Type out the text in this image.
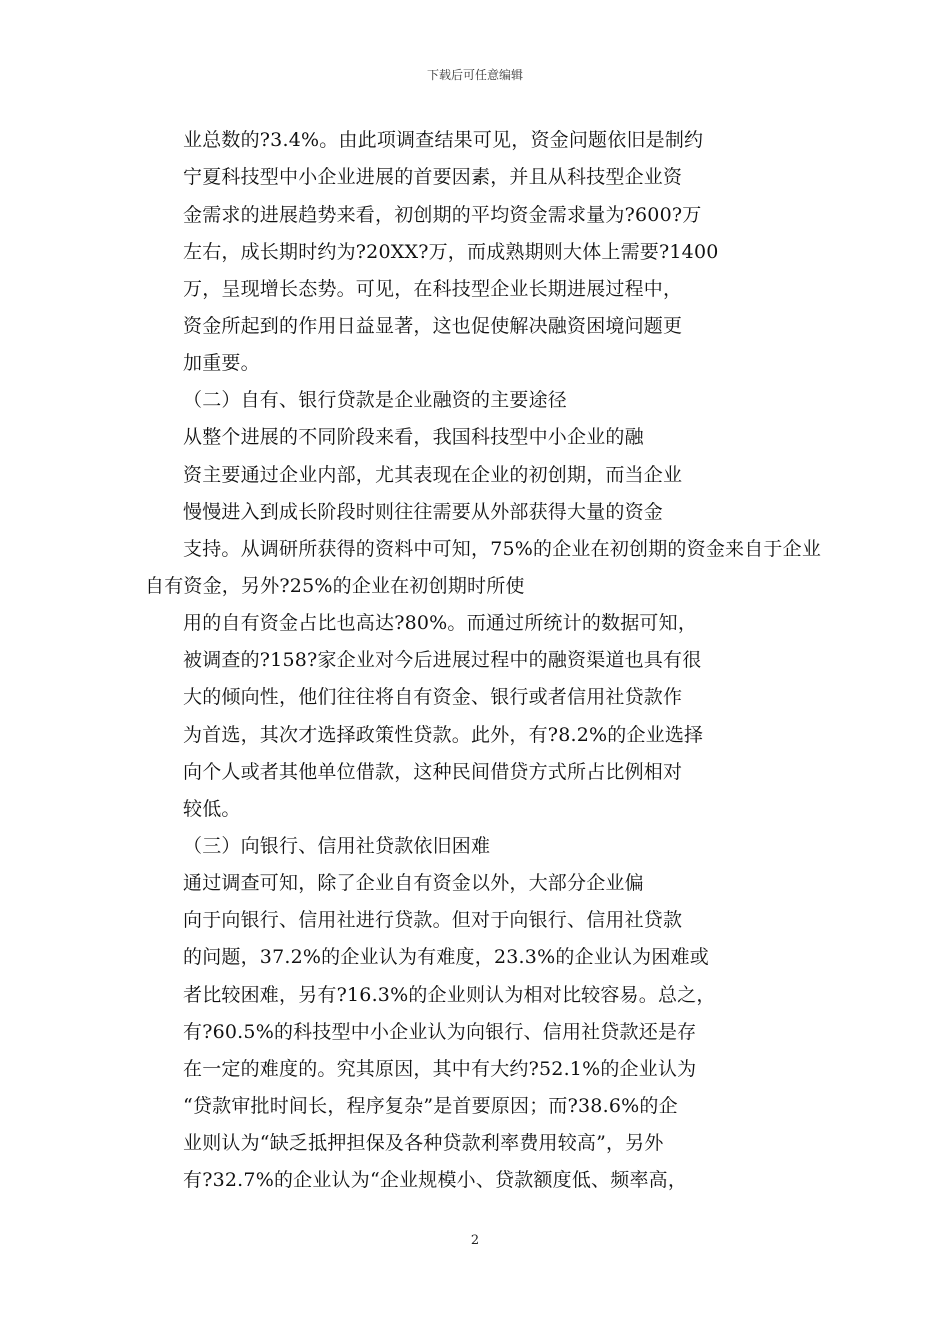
下载后可任意编辑
业总数的?3.4%。由此项调查结果可见，资金问题依旧是制约
宁夏科技型中小企业进展的首要因素，并且从科技型企业资
金需求的进展趋势来看，初创期的平均资金需求量为?600?万
左右，成长期时约为?20XX?万，而成熟期则大体上需要?1400
万，呈现增长态势。可见，在科技型企业长期进展过程中，
资金所起到的作用日益显著，这也促使解决融资困境问题更
加重要。
（二）自有、银行贷款是企业融资的主要途径
从整个进展的不同阶段来看，我国科技型中小企业的融
资主要通过企业内部，尤其表现在企业的初创期，而当企业
慢慢进入到成长阶段时则往往需要从外部获得大量的资金
支持。从调研所获得的资料中可知，75%的企业在初创期的资金来自于企业
自有资金，另外?25%的企业在初创期时所使
用的自有资金占比也高达?80%。而通过所统计的数据可知，
被调查的?158?家企业对今后进展过程中的融资渠道也具有很
大的倾向性，他们往往将自有资金、银行或者信用社贷款作
为首选，其次才选择政策性贷款。此外，有?8.2%的企业选择
向个人或者其他单位借款，这种民间借贷方式所占比例相对
较低。
（三）向银行、信用社贷款依旧困难
通过调查可知，除了企业自有资金以外，大部分企业偏
向于向银行、信用社进行贷款。但对于向银行、信用社贷款
的问题，37.2%的企业认为有难度，23.3%的企业认为困难或
者比较困难，另有?16.3%的企业则认为相对比较容易。总之，
有?60.5%的科技型中小企业认为向银行、信用社贷款还是存
在一定的难度的。究其原因，其中有大约?52.1%的企业认为
“贷款审批时间长，程序复杂”是首要原因；而?38.6%的企
业则认为“缺乏抵押担保及各种贷款利率费用较高”，另外
有?32.7%的企业认为“企业规模小、贷款额度低、频率高，
2
